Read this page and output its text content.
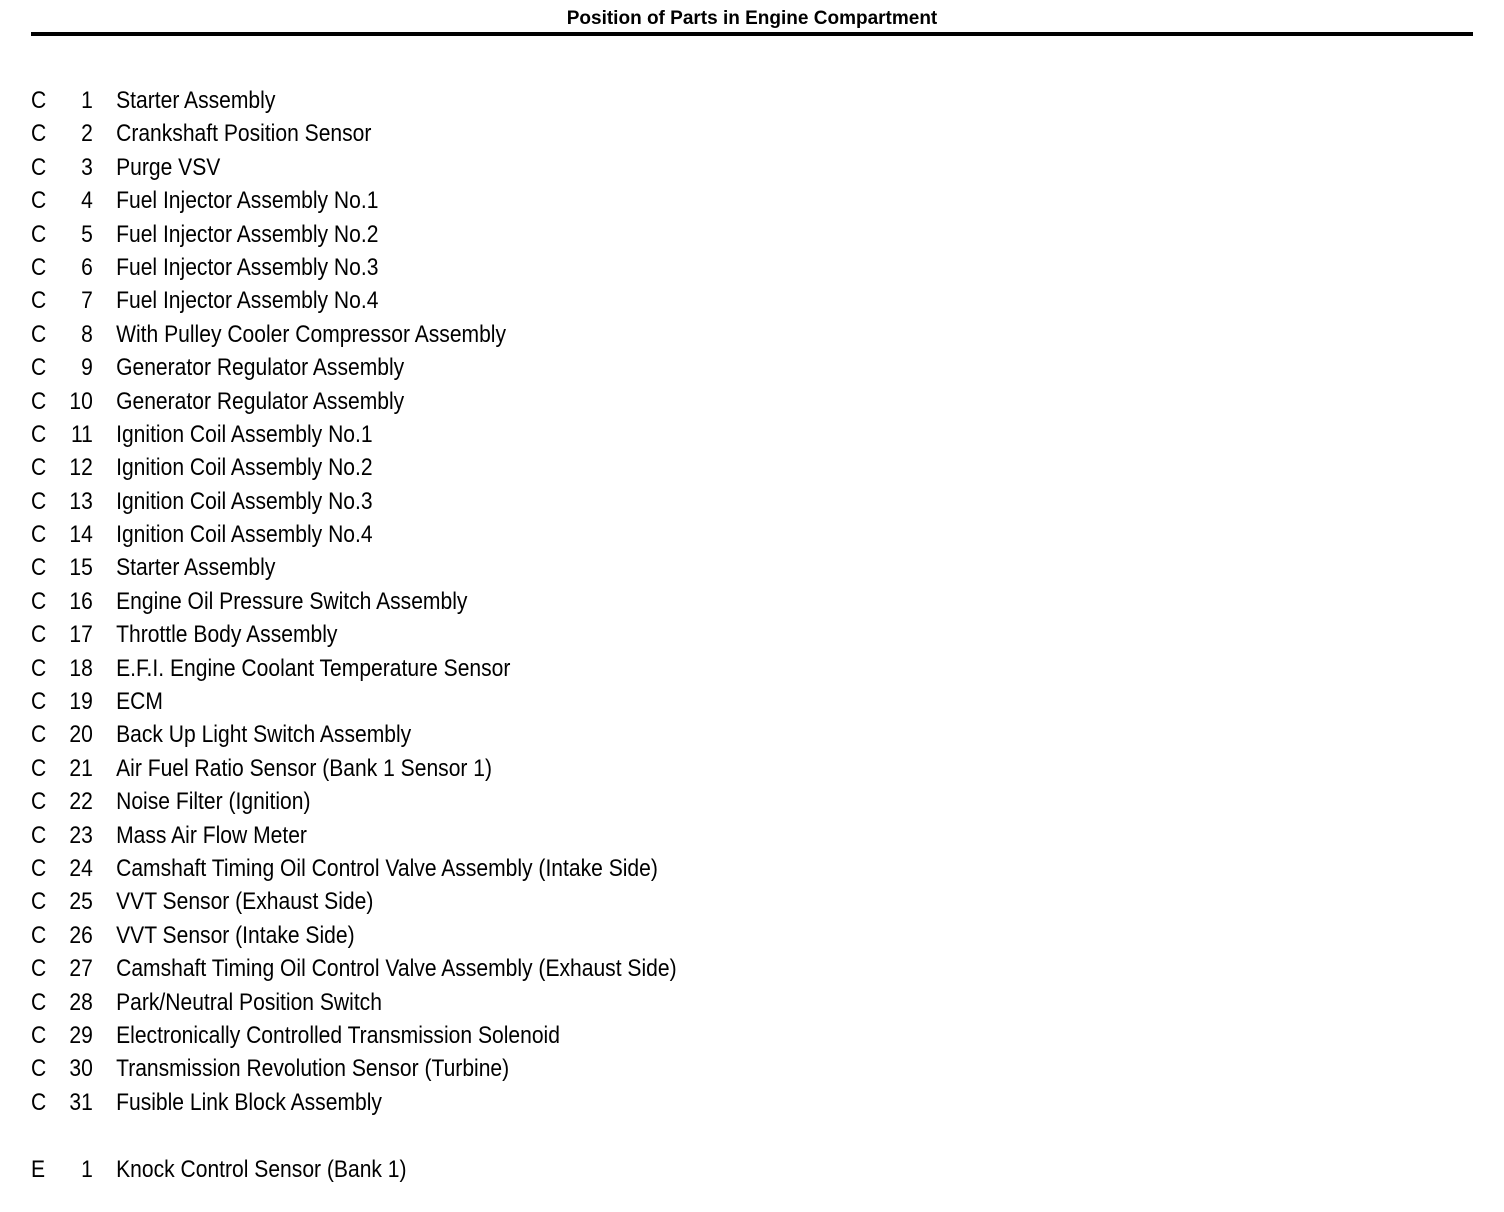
Position of Parts in Engine Compartment
C	1 Starter Assembly
C	2 Crankshaft Position Sensor
C	3 Purge VSV
C	4 Fuel Injector Assembly No.1
C	5 Fuel Injector Assembly No.2
C	6 Fuel Injector Assembly No.3
C	7 Fuel Injector Assembly No.4
C	8 With Pulley Cooler Compressor Assembly
C	9 Generator Regulator Assembly
C 10 Generator Regulator Assembly
C	11 Ignition Coil Assembly No.1
C 12 Ignition Coil Assembly No.2
C 13 Ignition Coil Assembly No.3
C 14 Ignition Coil Assembly No.4
C 15 Starter Assembly
C 16 Engine Oil Pressure Switch Assembly
C 17 Throttle Body Assembly
C 18 E.F.I. Engine Coolant Temperature Sensor
C 19 ECM
C 20 Back Up Light Switch Assembly
C 21 Air Fuel Ratio Sensor (Bank 1 Sensor 1)
C 22 Noise Filter (Ignition)
C 23 Mass Air Flow Meter
C 24 Camshaft Timing Oil Control Valve Assembly (Intake Side)
C 25 VVT Sensor (Exhaust Side)
C 26 VVT Sensor (Intake Side)
C 27 Camshaft Timing Oil Control Valve Assembly (Exhaust Side)
C 28 Park/Neutral Position Switch
C 29 Electronically Controlled Transmission Solenoid
C 30 Transmission Revolution Sensor (Turbine)
C 31 Fusible Link Block Assembly
E	1 Knock Control Sensor (Bank 1)
